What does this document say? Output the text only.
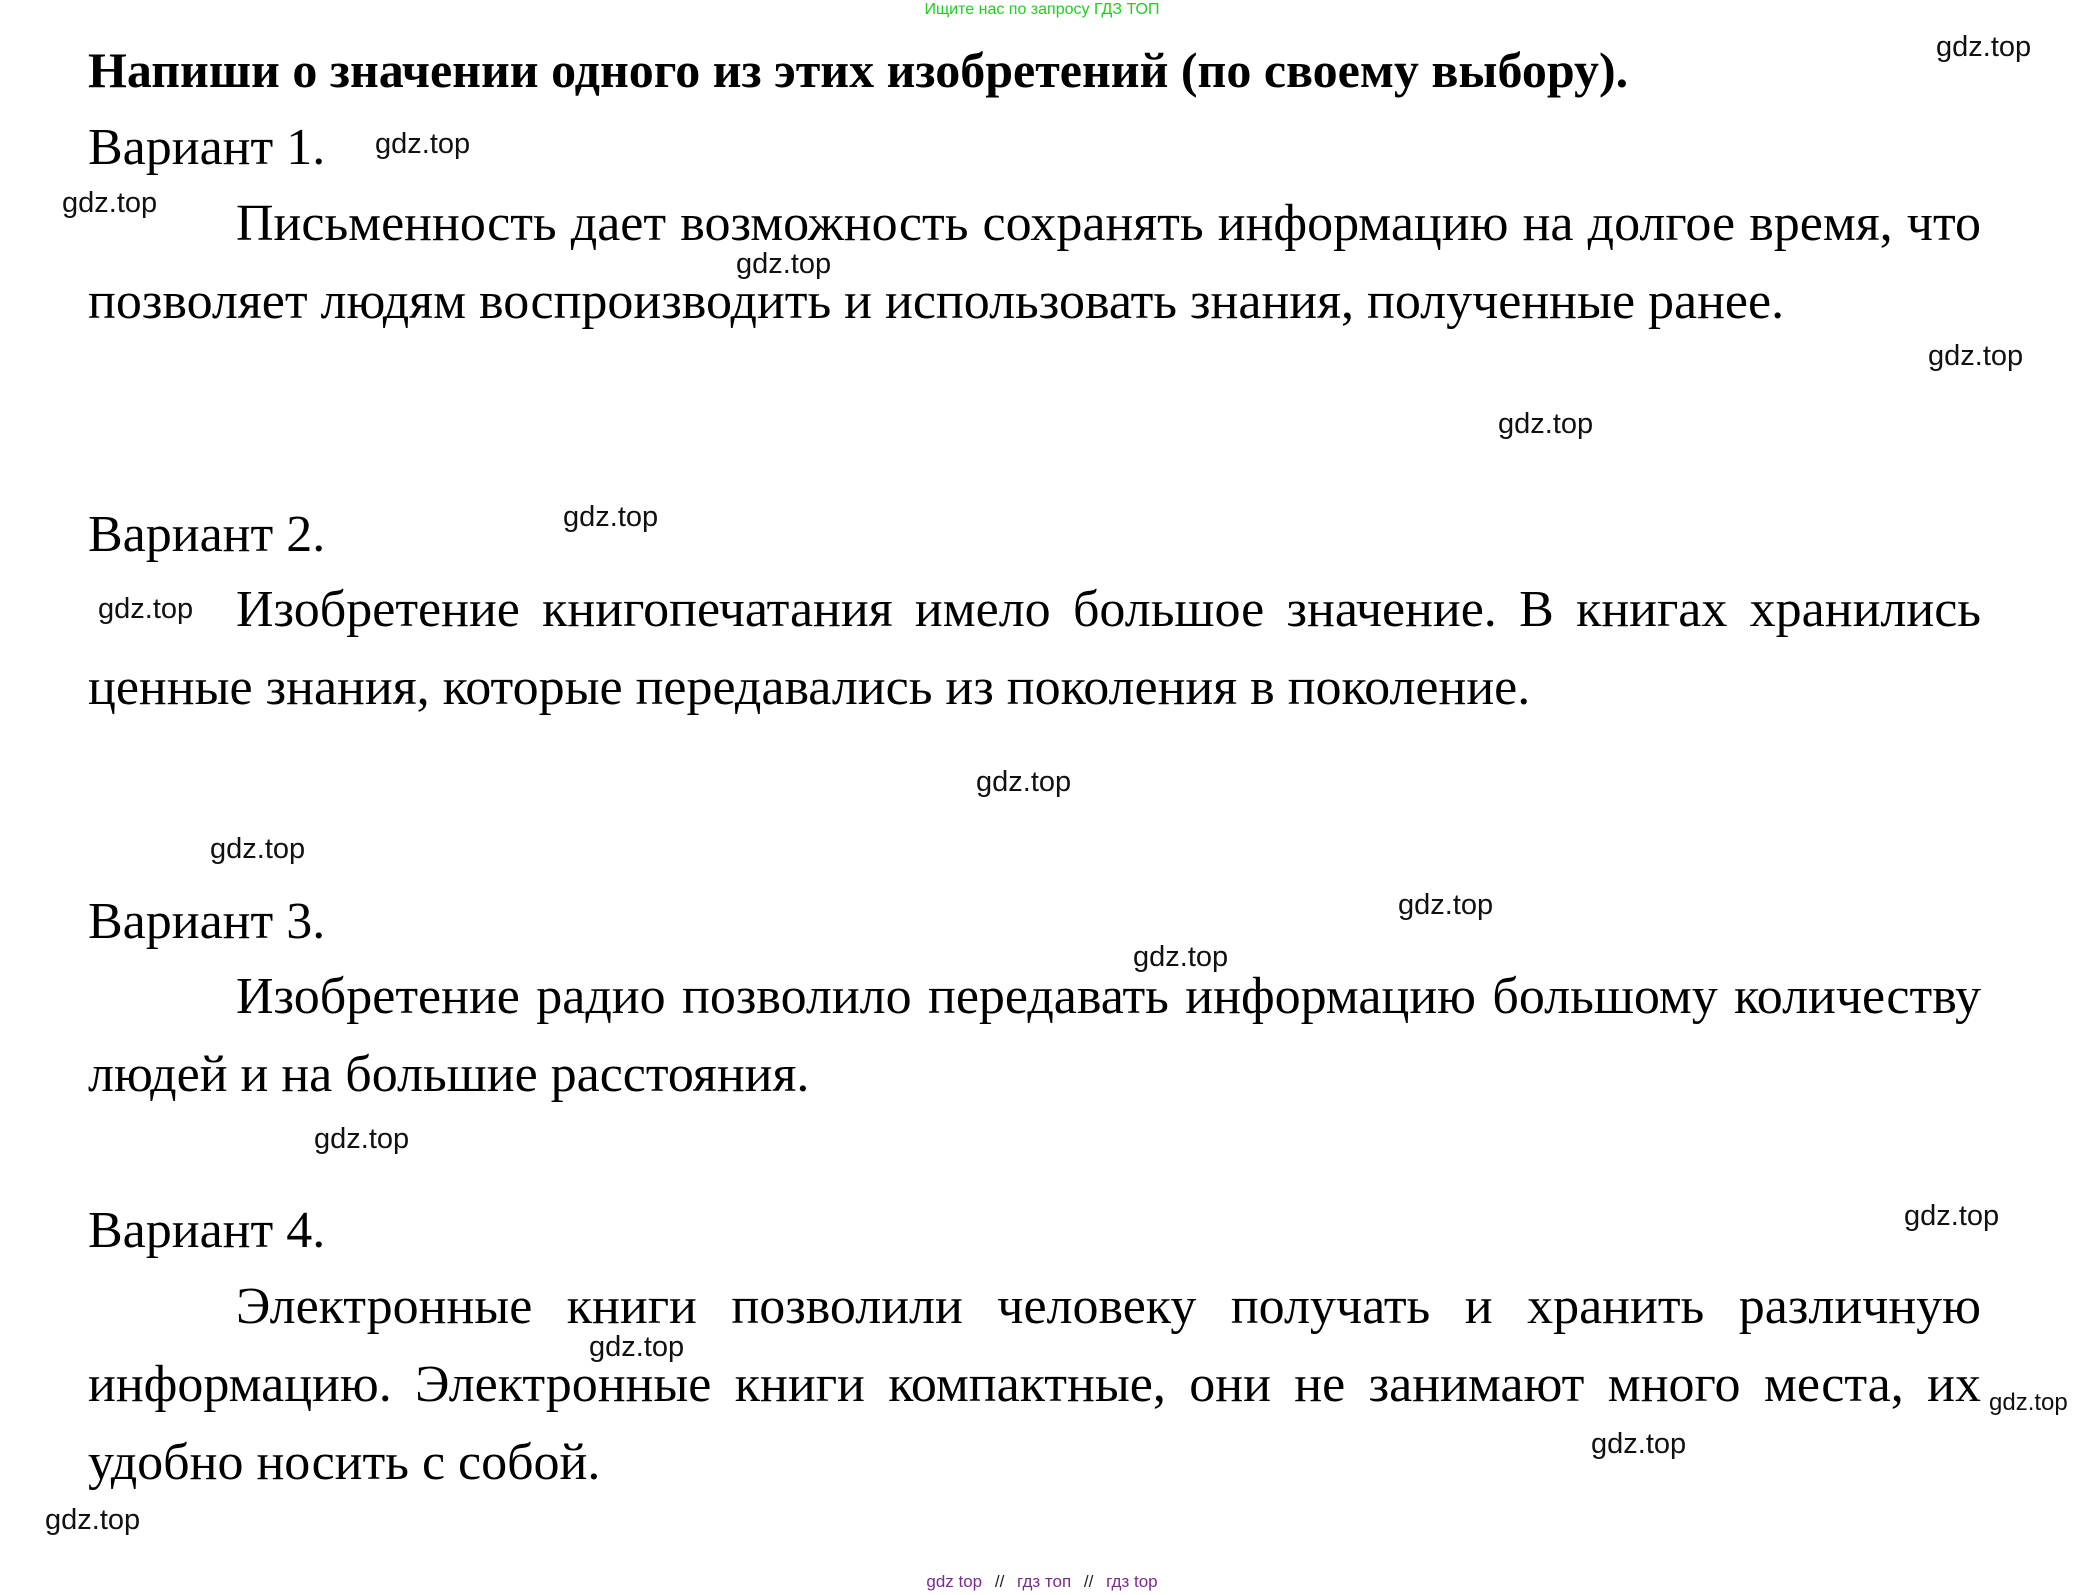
Ищите нас по запросу ГДЗ ТОП
Напиши о значении одного из этих изобретений (по своему выбору).
Вариант 1.

Письменность дает возможность сохранять информацию на долгое время, что позволяет людям воспроизводить и использовать знания, полученные ранее.

Вариант 2.

Изобретение книгопечатания имело большое значение. В книгах хранились ценные знания, которые передавались из поколения в поколение.

Вариант 3.

Изобретение радио позволило передавать информацию большому количеству людей и на большие расстояния.

Вариант 4.

Электронные книги позволили человеку получать и хранить различную информацию. Электронные книги компактные, они не занимают много места, их удобно носить с собой.

gdz.top
gdz.top
gdz.top
gdz.top
gdz.top
gdz.top
gdz.top
gdz.top
gdz.top
gdz.top
gdz.top
gdz.top
gdz.top
gdz.top
gdz.top
gdz.top
gdz.top
gdz.top
gdz top // гдз топ // гдз top
